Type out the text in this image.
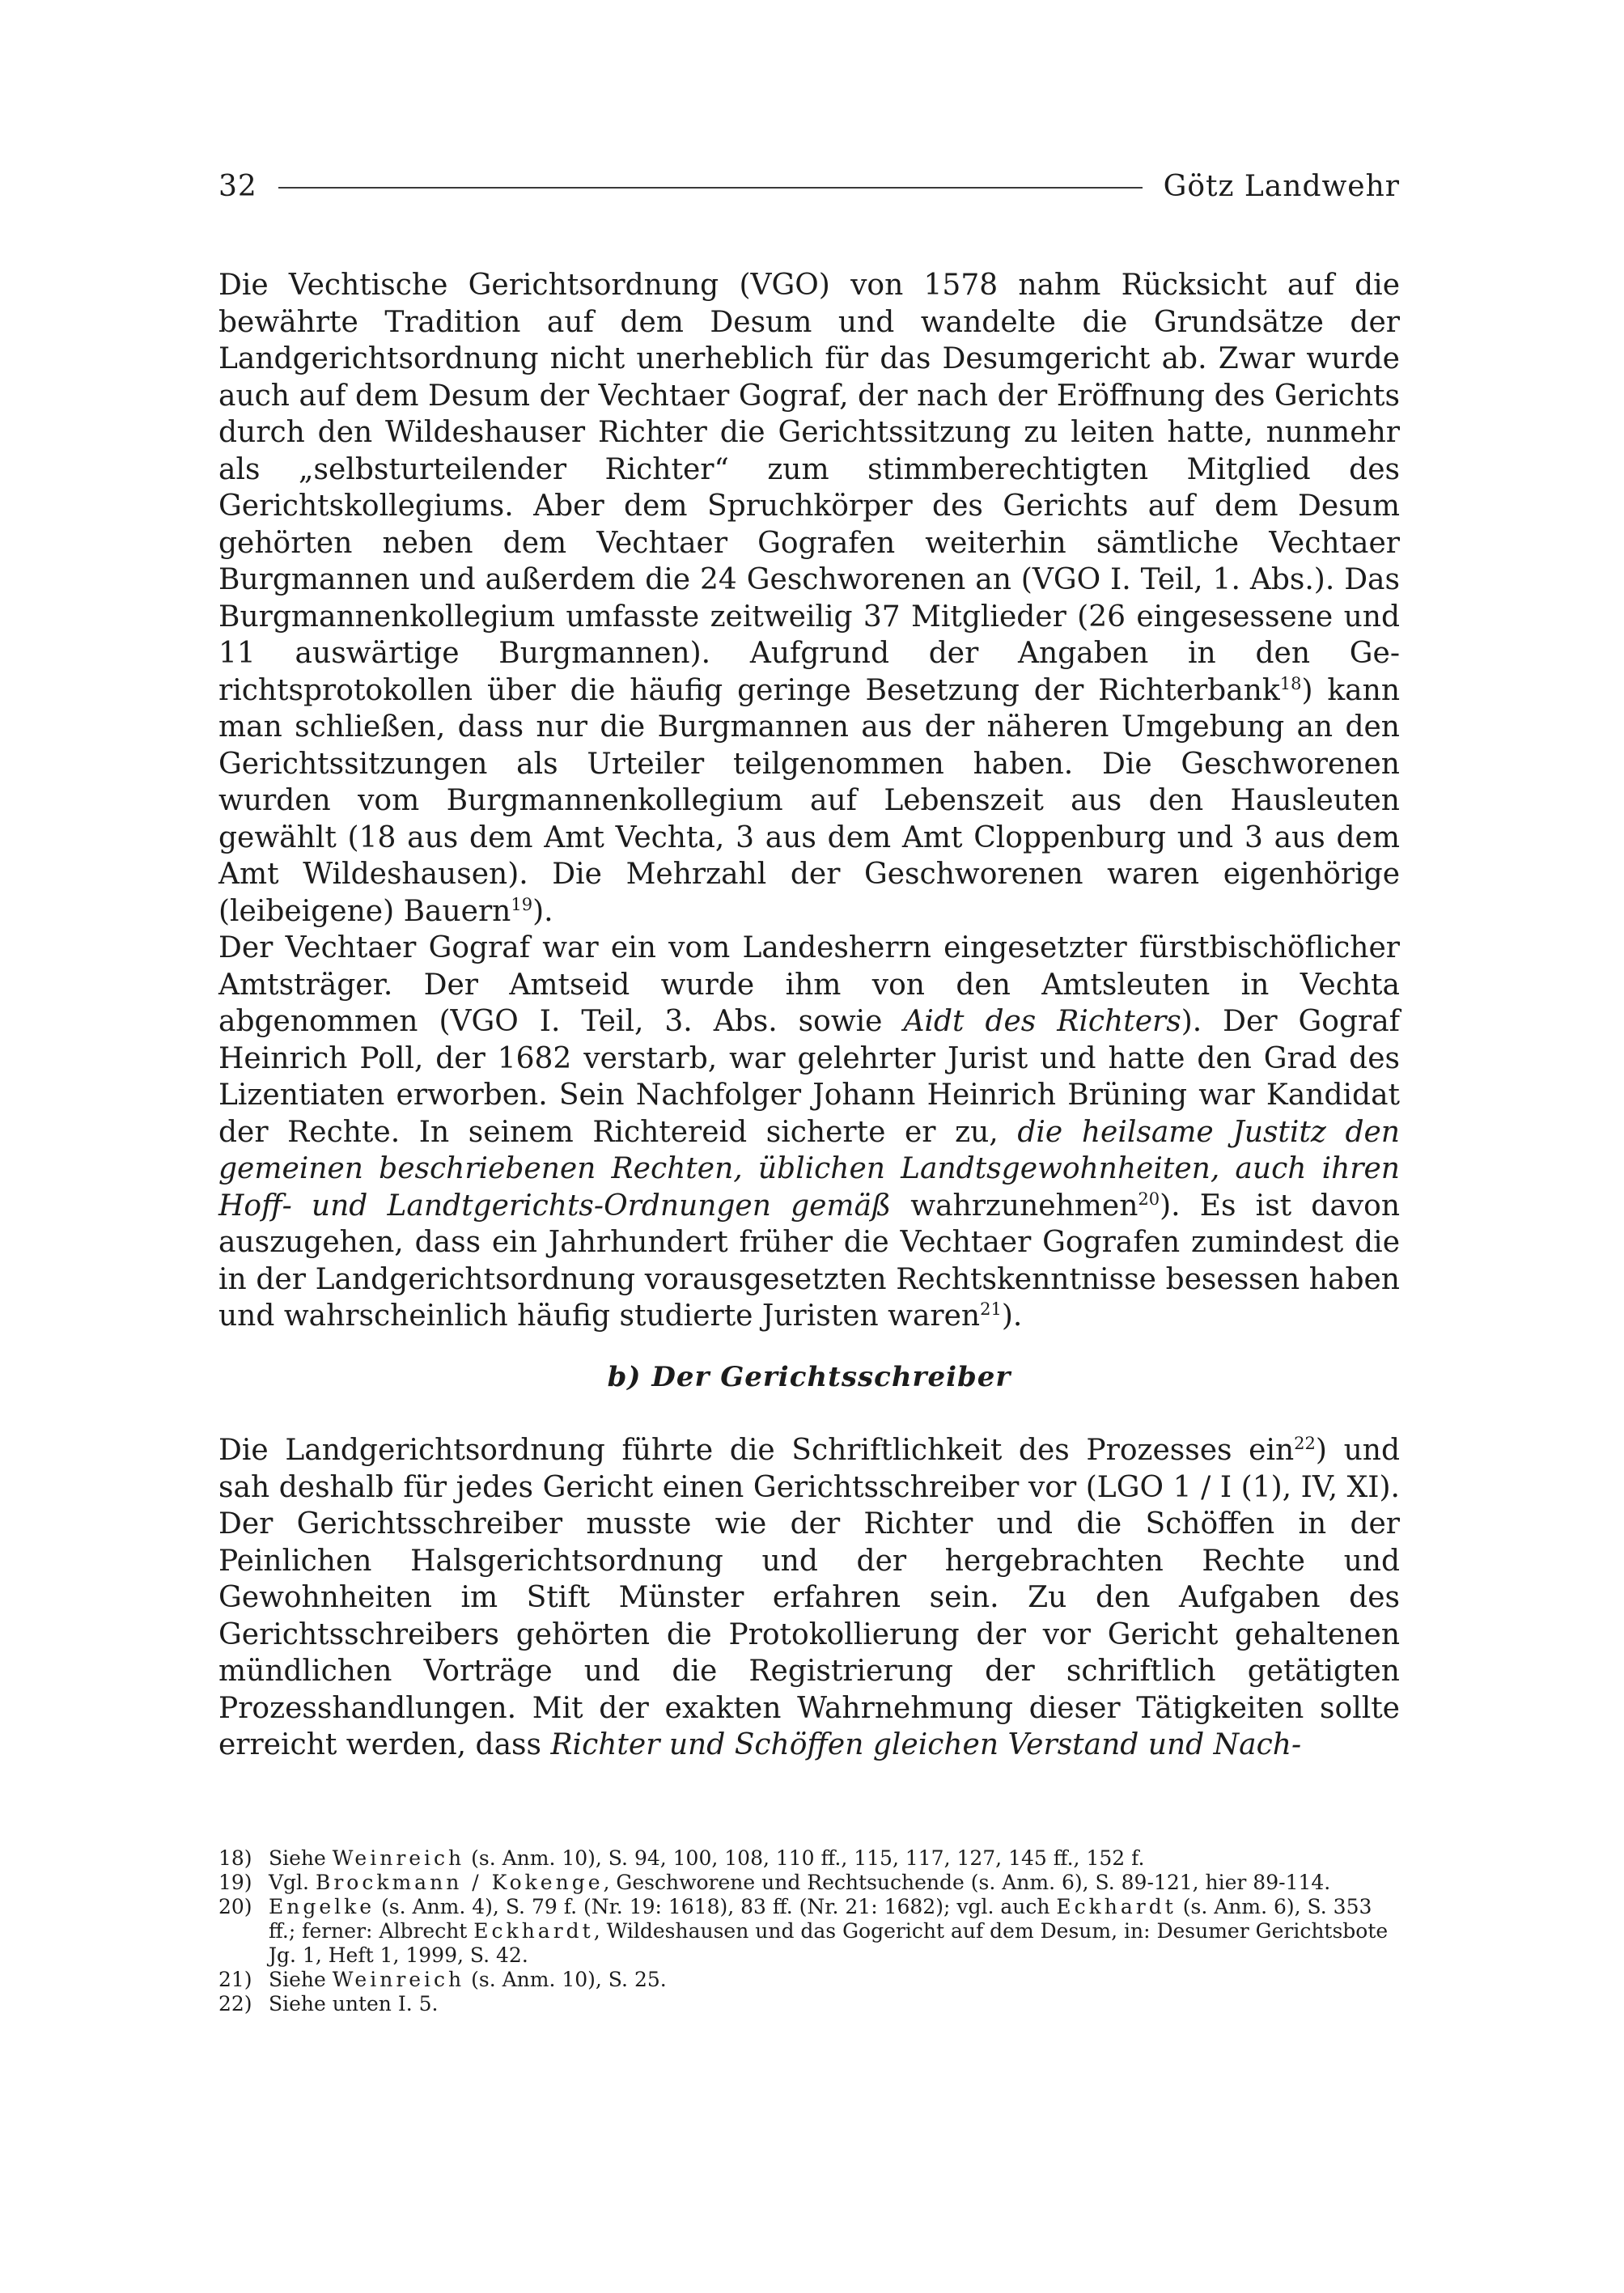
32	Götz Landwehr

Die Vechtische Gerichtsordnung (VGO) von 1578 nahm Rücksicht auf die bewährte Tradition auf dem Desum und wandelte die Grundsätze der Landgerichtsordnung nicht unerheblich für das Desumgericht ab. Zwar wurde auch auf dem Desum der Vechtaer Gograf, der nach der Eröffnung des Gerichts durch den Wildeshauser Richter die Gerichtssitzung zu leiten hatte, nunmehr als „selbsturteilender Richter“ zum stimmberechtigten Mitglied des Gerichtskollegiums. Aber dem Spruchkörper des Gerichts auf dem Desum gehörten neben dem Vechtaer Gografen weiterhin sämtliche Vechtaer Burgmannen und außerdem die 24 Geschworenen an (VGO I. Teil, 1. Abs.). Das Burgmannenkollegium umfasste zeitweilig 37 Mitglieder (26 eingesessene und 11 auswärtige Burgmannen). Aufgrund der Angaben in den Gerichtsprotokollen über die häufig geringe Besetzung der Richterbank$^{18}$) kann man schließen, dass nur die Burgmannen aus der näheren Umgebung an den Gerichtssitzungen als Urteiler teilgenommen haben. Die Geschworenen wurden vom Burgmannenkollegium auf Lebenszeit aus den Hausleuten gewählt (18 aus dem Amt Vechta, 3 aus dem Amt Cloppenburg und 3 aus dem Amt Wildeshausen). Die Mehrzahl der Geschworenen waren eigenhörige (leibeigene) Bauern$^{19}$).

Der Vechtaer Gograf war ein vom Landesherrn eingesetzter fürstbischöflicher Amtsträger. Der Amtseid wurde ihm von den Amtsleuten in Vechta abgenommen (VGO I. Teil, 3. Abs. sowie Aidt des Richters). Der Gograf Heinrich Poll, der 1682 verstarb, war gelehrter Jurist und hatte den Grad des Lizentiaten erworben. Sein Nachfolger Johann Heinrich Brüning war Kandidat der Rechte. In seinem Richtereid sicherte er zu, die heilsame Justitz den gemeinen beschriebenen Rechten, üblichen Landtsgewohnheiten, auch ihren Hoff- und Landtgerichts-Ordnungen gemäß wahrzunehmen$^{20}$). Es ist davon auszugehen, dass ein Jahrhundert früher die Vechtaer Gografen zumindest die in der Landgerichtsordnung vorausgesetzten Rechtskenntnisse besessen haben und wahrscheinlich häufig studierte Juristen waren$^{21}$).

b) Der Gerichtsschreiber

Die Landgerichtsordnung führte die Schriftlichkeit des Prozesses ein$^{22}$) und sah deshalb für jedes Gericht einen Gerichtsschreiber vor (LGO 1 / I (1), IV, XI). Der Gerichtsschreiber musste wie der Richter und die Schöffen in der Peinlichen Halsgerichtsordnung und der hergebrachten Rechte und Gewohnheiten im Stift Münster erfahren sein. Zu den Aufgaben des Gerichtsschreibers gehörten die Protokollierung der vor Gericht gehaltenen mündlichen Vorträge und die Registrierung der schriftlich getätigten Prozesshandlungen. Mit der exakten Wahrnehmung dieser Tätigkeiten sollte erreicht werden, dass Richter und Schöffen gleichen Verstand und Nach-

18) Siehe Weinreich (s. Anm. 10), S. 94, 100, 108, 110 ff., 115, 117, 127, 145 ff., 152 f.
19) Vgl. Brockmann / Kokenge, Geschworene und Rechtsuchende (s. Anm. 6), S. 89-121, hier 89-114.
20) Engelke (s. Anm. 4), S. 79 f. (Nr. 19: 1618), 83 ff. (Nr. 21: 1682); vgl. auch Eckhardt (s. Anm. 6), S. 353 ff.; ferner: Albrecht Eckhardt, Wildeshausen und das Gogericht auf dem Desum, in: Desumer Gerichtsbote Jg. 1, Heft 1, 1999, S. 42.
21) Siehe Weinreich (s. Anm. 10), S. 25.
22) Siehe unten I. 5.
